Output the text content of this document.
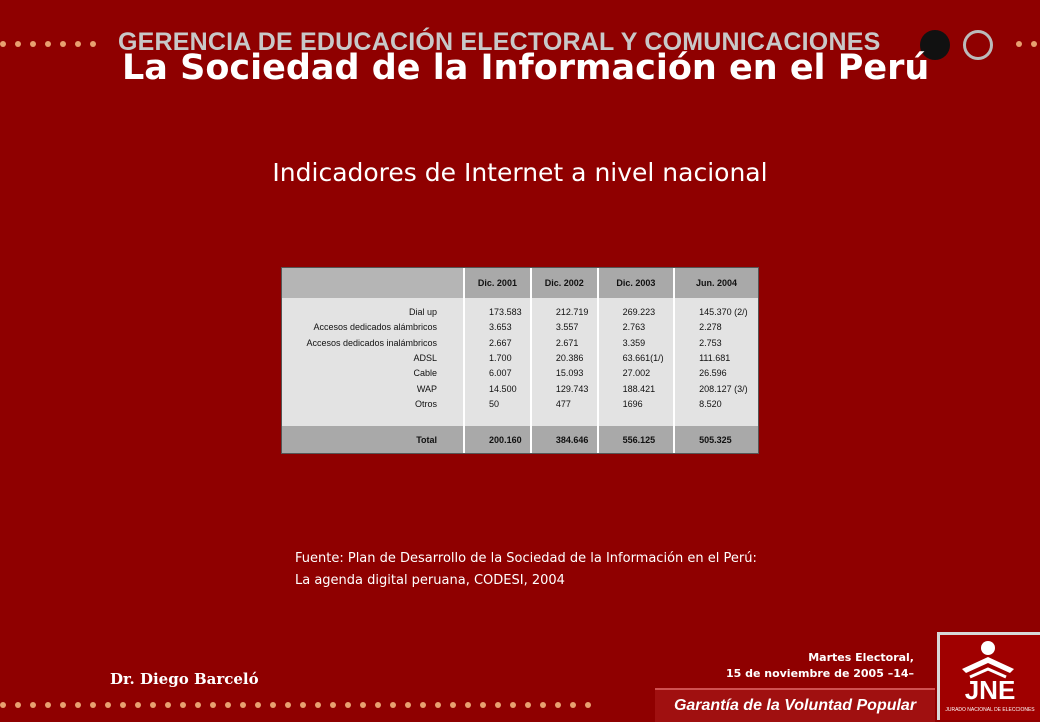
GERENCIA DE EDUCACIÓN ELECTORAL Y COMUNICACIONES
La Sociedad de la Información en el Perú
Indicadores de Internet a nivel nacional
	Dic. 2001	Dic. 2002	Dic. 2003	Jun. 2004

Dial up	173.583	212.719	269.223	145.370 (2/)
Accesos dedicados alámbricos	3.653	3.557	2.763	2.278
Accesos dedicados inalámbricos	2.667	2.671	3.359	2.753
ADSL	1.700	20.386	63.661(1/)	111.681
Cable	6.007	15.093	27.002	26.596
WAP	14.500	129.743	188.421	208.127 (3/)
Otros	50	477	1696	8.520

Total	200.160	384.646	556.125	505.325
Fuente: Plan de Desarrollo de la Sociedad de la Información en el Perú:
La agenda digital peruana, CODESI, 2004
Martes Electoral,
15 de noviembre de 2005 –14–
Dr. Diego Barceló
Garantía de la Voluntad Popular
JNE
JURADO NACIONAL DE ELECCIONES
